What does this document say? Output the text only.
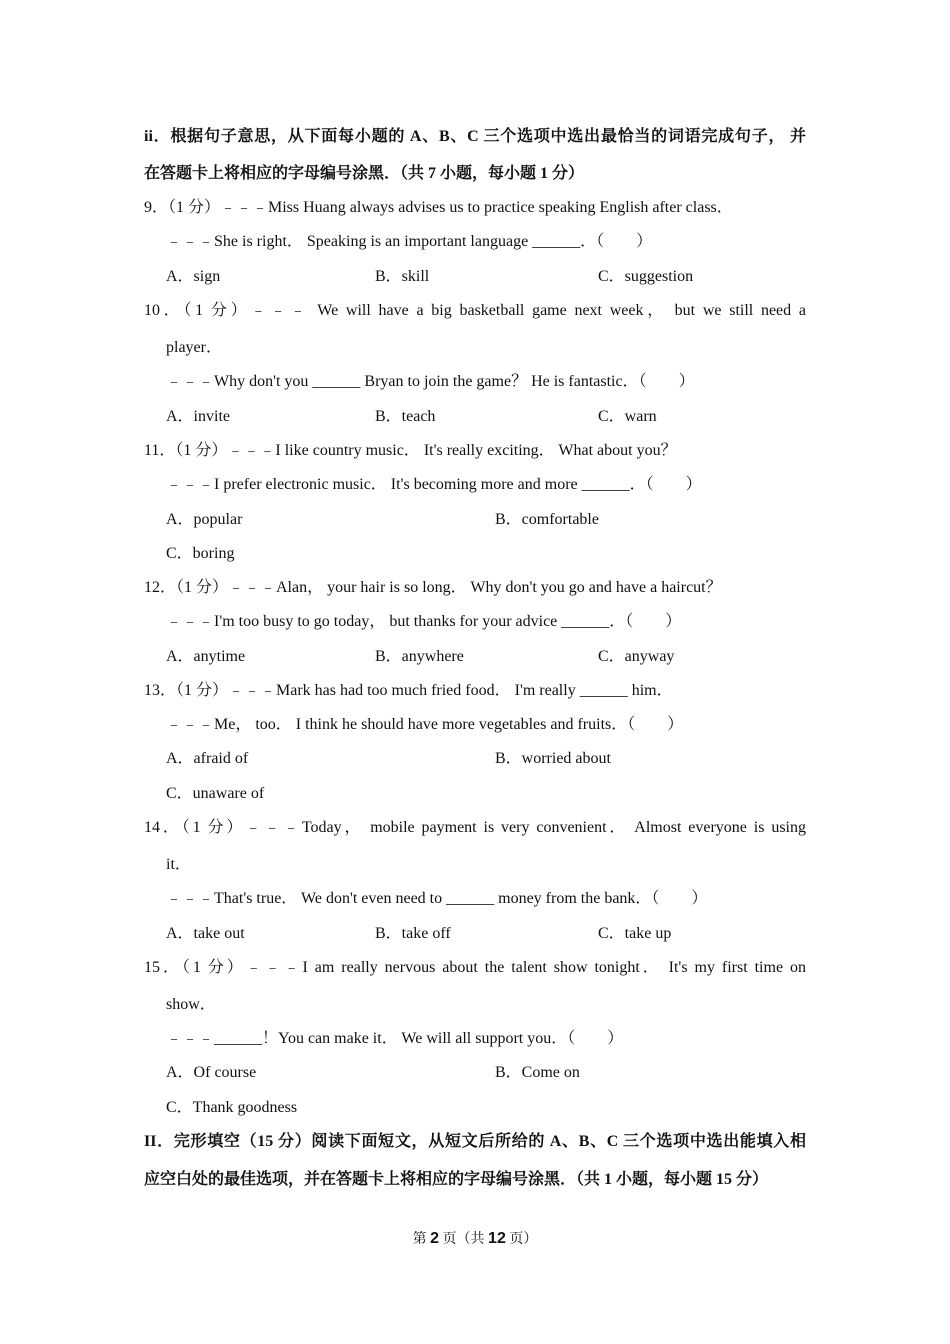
ii．根据句子意思，从下面每小题的 A、B、C 三个选项中选出最恰当的词语完成句子， 并
在答题卡上将相应的字母编号涂黑．（共 7 小题，每小题 1 分）
9．（1 分）﹣﹣﹣Miss Huang always advises us to practice speaking English after class．
﹣﹣﹣She is right． Speaking is an important language ______．（　　）
A．sign	B．skill	C．suggestion
10．（1 分）﹣﹣﹣ We will have a big basketball game next week， but we still need a
player．
﹣﹣﹣Why don't you ______ Bryan to join the game？ He is fantastic．（　　）
A．invite	B．teach	C．warn
11．（1 分）﹣﹣﹣I like country music． It's really exciting． What about you？
﹣﹣﹣I prefer electronic music． It's becoming more and more ______．（　　）
A．popular	B．comfortable
C．boring
12．（1 分）﹣﹣﹣Alan， your hair is so long． Why don't you go and have a haircut？
﹣﹣﹣I'm too busy to go today， but thanks for your advice ______．（　　）
A．anytime	B．anywhere	C．anyway
13．（1 分）﹣﹣﹣Mark has had too much fried food． I'm really ______ him．
﹣﹣﹣Me， too． I think he should have more vegetables and fruits．（　　）
A．afraid of	B．worried about
C．unaware of
14．（1 分）﹣﹣﹣Today， mobile payment is very convenient． Almost everyone is using
it．
﹣﹣﹣That's true． We don't even need to ______ money from the bank．（　　）
A．take out	B．take off	C．take up
15．（1 分）﹣﹣﹣I am really nervous about the talent show tonight． It's my first time on
show．
﹣﹣﹣______！You can make it． We will all support you．（　　）
A．Of course	B．Come on
C．Thank goodness
II．完形填空（15 分）阅读下面短文，从短文后所给的 A、B、C 三个选项中选出能填入相
应空白处的最佳选项，并在答题卡上将相应的字母编号涂黑．（共 1 小题，每小题 15 分）
第 2 页（共 12 页）
